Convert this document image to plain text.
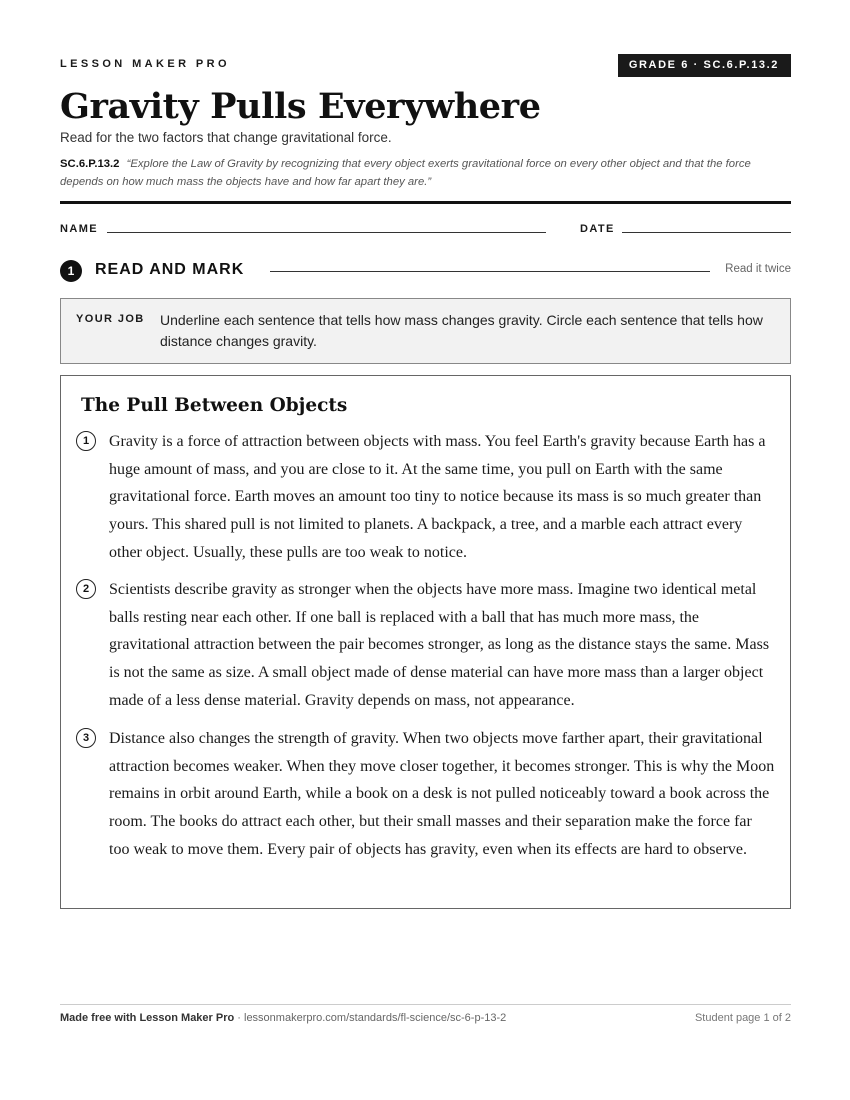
LESSON MAKER PRO	GRADE 6 · SC.6.P.13.2
Gravity Pulls Everywhere
Read for the two factors that change gravitational force.
SC.6.P.13.2 “Explore the Law of Gravity by recognizing that every object exerts gravitational force on every other object and that the force depends on how much mass the objects have and how far apart they are.”
NAME	DATE
1	READ AND MARK	Read it twice
YOUR JOB Underline each sentence that tells how mass changes gravity. Circle each sentence that tells how distance changes gravity.
The Pull Between Objects
1	Gravity is a force of attraction between objects with mass. You feel Earth's gravity because Earth has a huge amount of mass, and you are close to it. At the same time, you pull on Earth with the same gravitational force. Earth moves an amount too tiny to notice because its mass is so much greater than yours. This shared pull is not limited to planets. A backpack, a tree, and a marble each attract every other object. Usually, these pulls are too weak to notice.

2	Scientists describe gravity as stronger when the objects have more mass. Imagine two identical metal balls resting near each other. If one ball is replaced with a ball that has much more mass, the gravitational attraction between the pair becomes stronger, as long as the distance stays the same. Mass is not the same as size. A small object made of dense material can have more mass than a larger object made of a less dense material. Gravity depends on mass, not appearance.

3	Distance also changes the strength of gravity. When two objects move farther apart, their gravitational attraction becomes weaker. When they move closer together, it becomes stronger. This is why the Moon remains in orbit around Earth, while a book on a desk is not pulled noticeably toward a book across the room. The books do attract each other, but their small masses and their separation make the force far too weak to move them. Every pair of objects has gravity, even when its effects are hard to observe.

Made free with Lesson Maker Pro · lessonmakerpro.com/standards/fl-science/sc-6-p-13-2	Student page 1 of 2
